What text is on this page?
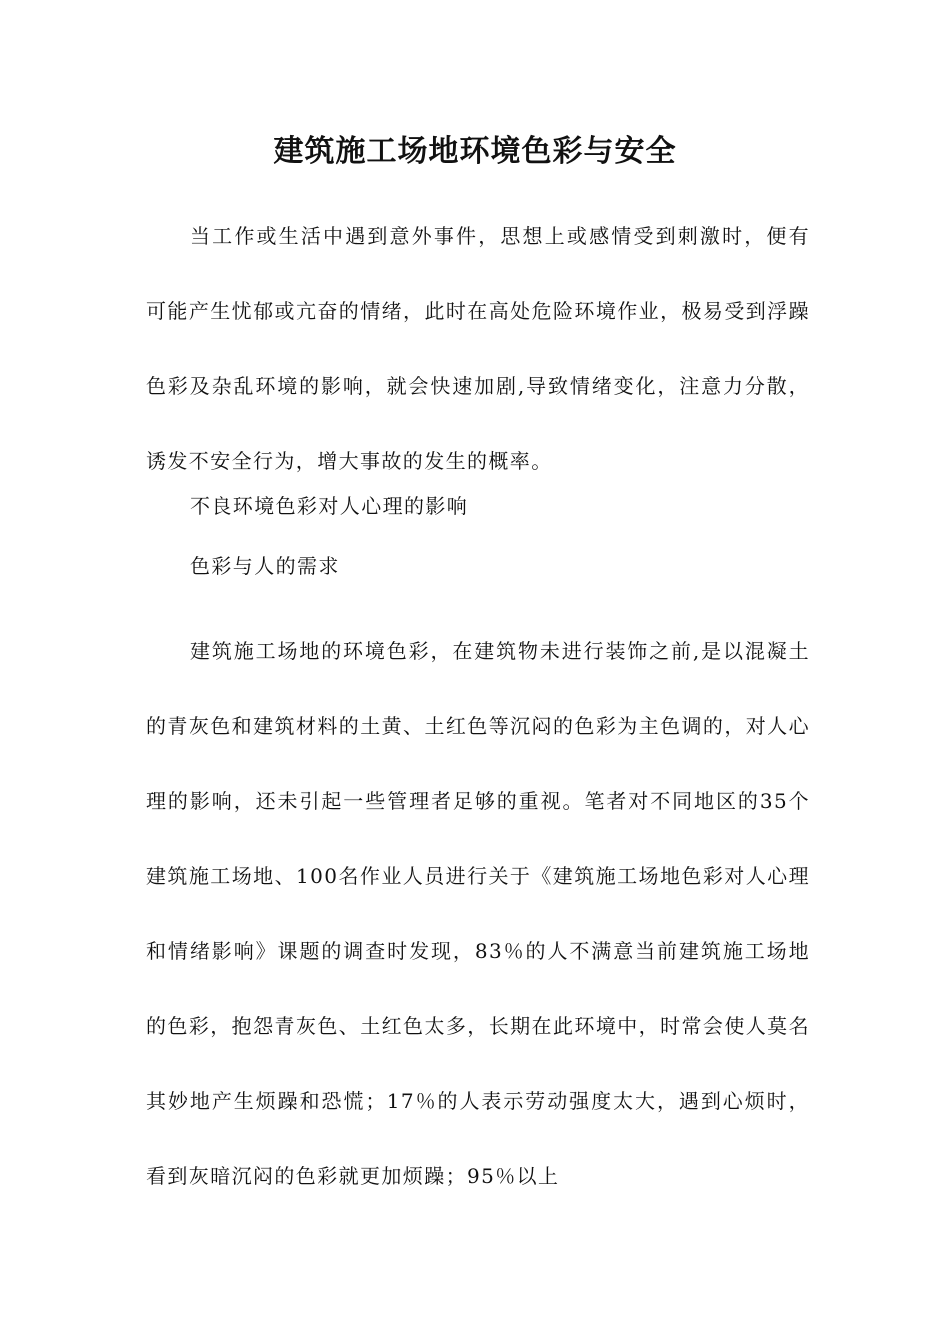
建筑施工场地环境色彩与安全

当工作或生活中遇到意外事件，思想上或感情受到刺激时，便有可能产生忧郁或亢奋的情绪，此时在高处危险环境作业，极易受到浮躁色彩及杂乱环境的影响，就会快速加剧,导致情绪变化，注意力分散，诱发不安全行为，增大事故的发生的概率。

不良环境色彩对人心理的影响

色彩与人的需求

建筑施工场地的环境色彩，在建筑物未进行装饰之前,是以混凝土的青灰色和建筑材料的土黄、土红色等沉闷的色彩为主色调的，对人心理的影响，还未引起一些管理者足够的重视。笔者对不同地区的35个建筑施工场地、100名作业人员进行关于《建筑施工场地色彩对人心理和情绪影响》课题的调查时发现，83％的人不满意当前建筑施工场地的色彩，抱怨青灰色、土红色太多，长期在此环境中，时常会使人莫名其妙地产生烦躁和恐慌；17％的人表示劳动强度太大，遇到心烦时，看到灰暗沉闷的色彩就更加烦躁；95％以上
